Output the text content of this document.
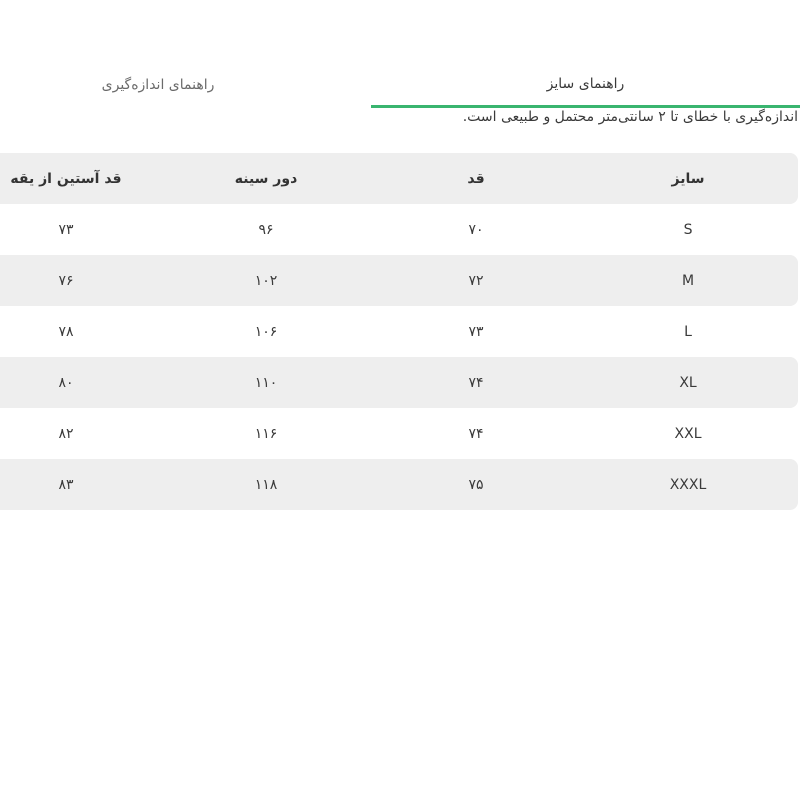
راهنمای سایز
راهنمای اندازه‌گیری
اندازه‌گیری با خطای تا ۲ سانتی‌متر محتمل و طبیعی است.
سایز
قد
دور سینه
قد آستین از یقه
S
۷۰
۹۶
۷۳
M
۷۲
۱۰۲
۷۶
L
۷۳
۱۰۶
۷۸
XL
۷۴
۱۱۰
۸۰
XXL
۷۴
۱۱۶
۸۲
XXXL
۷۵
۱۱۸
۸۳
